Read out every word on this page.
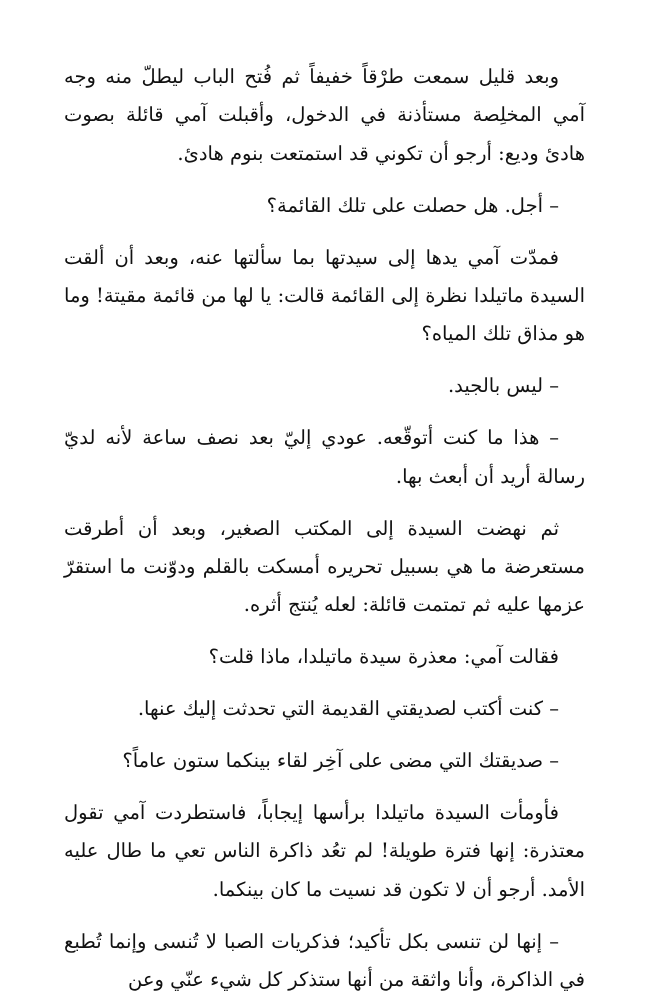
وبعد قليل سمعت طرْقاً خفيفاً ثم فُتح الباب ليطلّ منه وجه آمي المخلِصة مستأذنة في الدخول، وأقبلت آمي قائلة بصوت هادئ وديع: أرجو أن تكوني قد استمتعت بنوم هادئ.

– أجل. هل حصلت على تلك القائمة؟

فمدّت آمي يدها إلى سيدتها بما سألتها عنه، وبعد أن ألقت السيدة ماتيلدا نظرة إلى القائمة قالت: يا لها من قائمة مقيتة! وما هو مذاق تلك المياه؟

– ليس بالجيد.

– هذا ما كنت أتوقّعه. عودي إليّ بعد نصف ساعة لأنه لديّ رسالة أريد أن أبعث بها.

ثم نهضت السيدة إلى المكتب الصغير، وبعد أن أطرقت مستعرضة ما هي بسبيل تحريره أمسكت بالقلم ودوّنت ما استقرّ عزمها عليه ثم تمتمت قائلة: لعله يُنتج أثره.

فقالت آمي: معذرة سيدة ماتيلدا، ماذا قلت؟

– كنت أكتب لصديقتي القديمة التي تحدثت إليك عنها.

– صديقتك التي مضى على آخِر لقاء بينكما ستون عاماً؟

فأومأت السيدة ماتيلدا برأسها إيجاباً، فاستطردت آمي تقول معتذرة: إنها فترة طويلة! لم تعُد ذاكرة الناس تعي ما طال عليه الأمد. أرجو أن لا تكون قد نسيت ما كان بينكما.

– إنها لن تنسى بكل تأكيد؛ فذكريات الصبا لا تُنسى وإنما تُطبع في الذاكرة، وأنا واثقة من أنها ستذكر كل شيء عنّي وعن
